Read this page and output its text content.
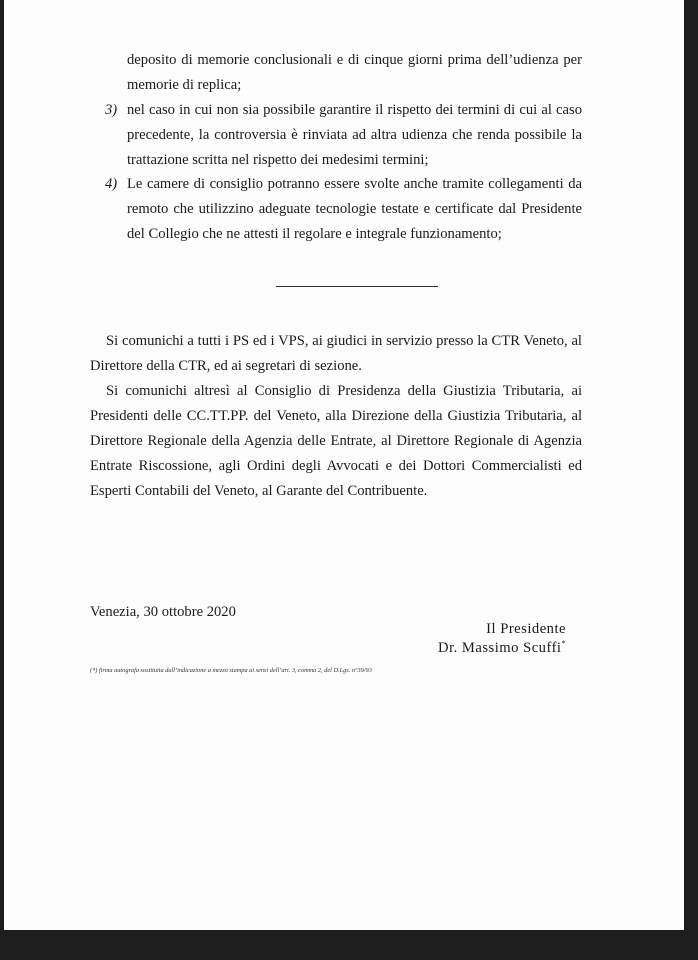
deposito di memorie conclusionali e di cinque giorni prima dell’udienza per memorie di replica;
3) nel caso in cui non sia possibile garantire il rispetto dei termini di cui al caso precedente, la controversia è rinviata ad altra udienza che renda possibile la trattazione scritta nel rispetto dei medesimi termini;
4) Le camere di consiglio potranno essere svolte anche tramite collegamenti da remoto che utilizzino adeguate tecnologie testate e certificate dal Presidente del Collegio che ne attesti il regolare e integrale funzionamento;
Si comunichi a tutti i PS ed i VPS, ai giudici in servizio presso la CTR Veneto, al Direttore della CTR, ed ai segretari di sezione.
Si comunichi altresì al Consiglio di Presidenza della Giustizia Tributaria, ai Presidenti delle CC.TT.PP. del Veneto, alla Direzione della Giustizia Tributaria, al Direttore Regionale della Agenzia delle Entrate, al Direttore Regionale di Agenzia Entrate Riscossione, agli Ordini degli Avvocati e dei Dottori Commercialisti ed Esperti Contabili del Veneto, al Garante del Contribuente.
Venezia, 30 ottobre 2020
Il Presidente
Dr. Massimo Scuffi*
(*) firma autografa sostituita dall’indicazione a mezzo stampa ai sensi dell’art. 3, comma 2, del D.Lgs. n°39/93
